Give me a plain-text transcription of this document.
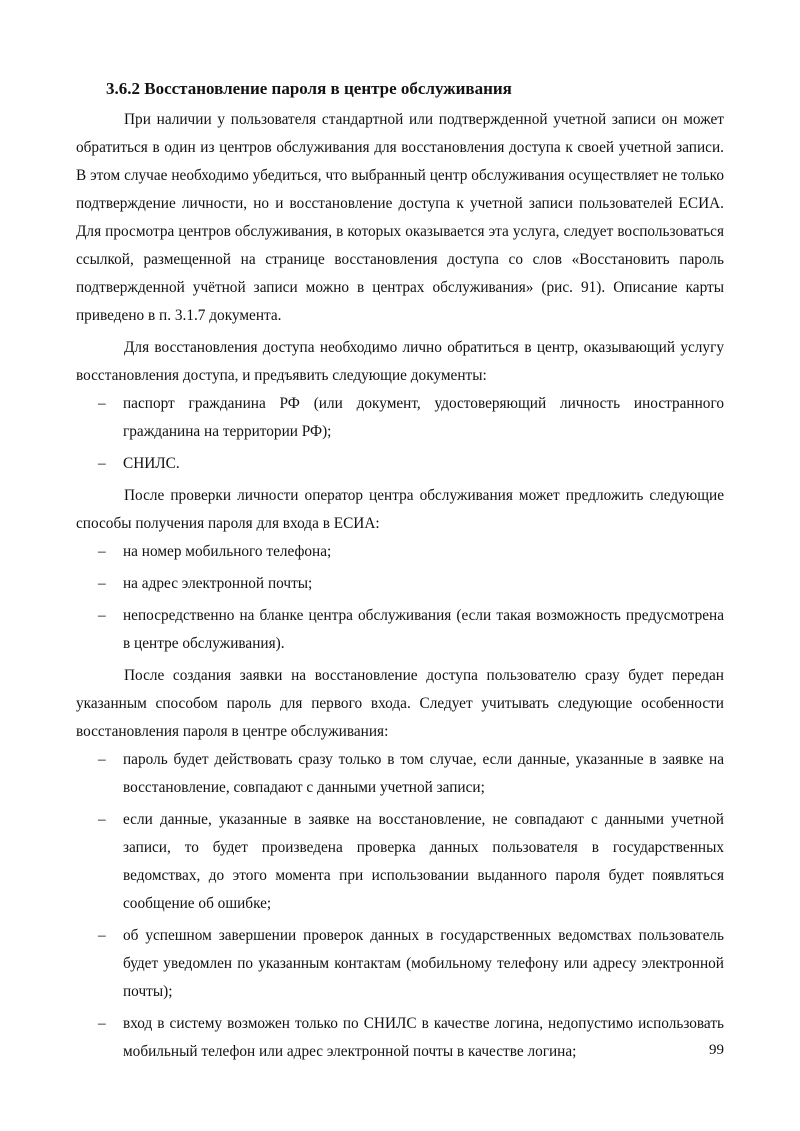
3.6.2 Восстановление пароля в центре обслуживания

При наличии у пользователя стандартной или подтвержденной учетной записи он может обратиться в один из центров обслуживания для восстановления доступа к своей учетной записи. В этом случае необходимо убедиться, что выбранный центр обслуживания осуществляет не только подтверждение личности, но и восстановление доступа к учетной записи пользователей ЕСИА. Для просмотра центров обслуживания, в которых оказывается эта услуга, следует воспользоваться ссылкой, размещенной на странице восстановления доступа со слов «Восстановить пароль подтвержденной учётной записи можно в центрах обслуживания» (рис. 91). Описание карты приведено в п. 3.1.7 документа.

Для восстановления доступа необходимо лично обратиться в центр, оказывающий услугу восстановления доступа, и предъявить следующие документы:

– паспорт гражданина РФ (или документ, удостоверяющий личность иностранного гражданина на территории РФ);
– СНИЛС.

После проверки личности оператор центра обслуживания может предложить следующие способы получения пароля для входа в ЕСИА:

– на номер мобильного телефона;
– на адрес электронной почты;
– непосредственно на бланке центра обслуживания (если такая возможность предусмотрена в центре обслуживания).

После создания заявки на восстановление доступа пользователю сразу будет передан указанным способом пароль для первого входа. Следует учитывать следующие особенности восстановления пароля в центре обслуживания:

– пароль будет действовать сразу только в том случае, если данные, указанные в заявке на восстановление, совпадают с данными учетной записи;
– если данные, указанные в заявке на восстановление, не совпадают с данными учетной записи, то будет произведена проверка данных пользователя в государственных ведомствах, до этого момента при использовании выданного пароля будет появляться сообщение об ошибке;
– об успешном завершении проверок данных в государственных ведомствах пользователь будет уведомлен по указанным контактам (мобильному телефону или адресу электронной почты);
– вход в систему возможен только по СНИЛС в качестве логина, недопустимо использовать мобильный телефон или адрес электронной почты в качестве логина;	99
